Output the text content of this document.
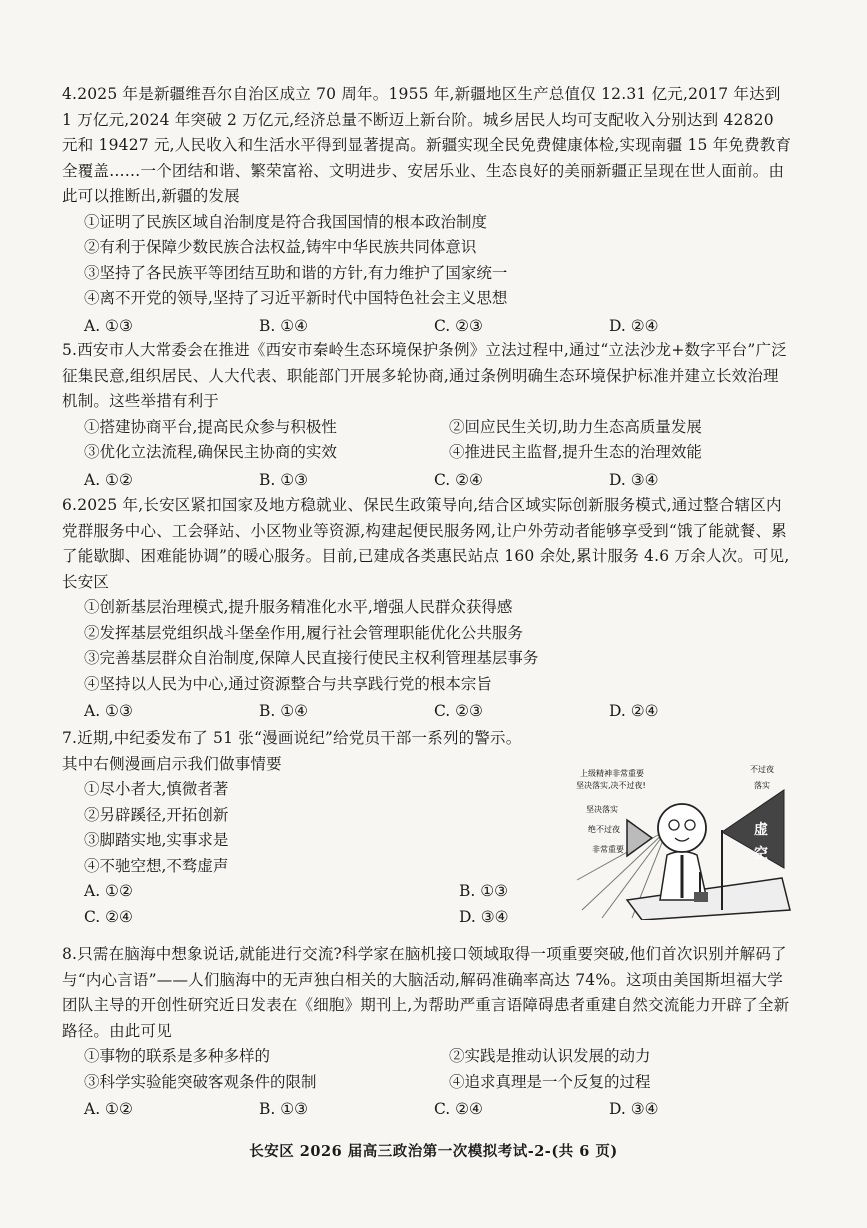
4.2025 年是新疆维吾尔自治区成立 70 周年。1955 年,新疆地区生产总值仅 12.31 亿元,2017 年达到 1 万亿元,2024 年突破 2 万亿元,经济总量不断迈上新台阶。城乡居民人均可支配收入分别达到 42820 元和 19427 元,人民收入和生活水平得到显著提高。新疆实现全民免费健康体检,实现南疆 15 年免费教育全覆盖……一个团结和谐、繁荣富裕、文明进步、安居乐业、生态良好的美丽新疆正呈现在世人面前。由此可以推断出,新疆的发展

①证明了民族区域自治制度是符合我国国情的根本政治制度

②有利于保障少数民族合法权益,铸牢中华民族共同体意识

③坚持了各民族平等团结互助和谐的方针,有力维护了国家统一

④离不开党的领导,坚持了习近平新时代中国特色社会主义思想

A. ①③	B. ①④	C. ②③	D. ②④

5.西安市人大常委会在推进《西安市秦岭生态环境保护条例》立法过程中,通过“立法沙龙+数字平台”广泛征集民意,组织居民、人大代表、职能部门开展多轮协商,通过条例明确生态环境保护标准并建立长效治理机制。这些举措有利于

①搭建协商平台,提高民众参与积极性	②回应民生关切,助力生态高质量发展

③优化立法流程,确保民主协商的实效	④推进民主监督,提升生态的治理效能

A. ①②	B. ①③	C. ②④	D. ③④

6.2025 年,长安区紧扣国家及地方稳就业、保民生政策导向,结合区域实际创新服务模式,通过整合辖区内党群服务中心、工会驿站、小区物业等资源,构建起便民服务网,让户外劳动者能够享受到“饿了能就餐、累了能歇脚、困难能协调”的暖心服务。目前,已建成各类惠民站点 160 余处,累计服务 4.6 万余人次。可见,长安区

①创新基层治理模式,提升服务精准化水平,增强人民群众获得感

②发挥基层党组织战斗堡垒作用,履行社会管理职能优化公共服务

③完善基层群众自治制度,保障人民直接行使民主权利管理基层事务

④坚持以人民为中心,通过资源整合与共享践行党的根本宗旨

A. ①③	B. ①④	C. ②③	D. ②④

7.近期,中纪委发布了 51 张“漫画说纪”给党员干部一系列的警示。

其中右侧漫画启示我们做事情要

①尽小者大,慎微者著

②另辟蹊径,开拓创新

③脚踏实地,实事求是

④不驰空想,不骛虚声

A. ①②	B. ①③
C. ②④	D. ③④
虚
空
上级精神非常重要
坚决落实,决不过夜!
坚决落实
绝不过夜
非常重要
不过夜
落实

8.只需在脑海中想象说话,就能进行交流?科学家在脑机接口领域取得一项重要突破,他们首次识别并解码了与“内心言语”——人们脑海中的无声独白相关的大脑活动,解码准确率高达 74%。这项由美国斯坦福大学团队主导的开创性研究近日发表在《细胞》期刊上,为帮助严重言语障碍患者重建自然交流能力开辟了全新路径。由此可见

①事物的联系是多种多样的	②实践是推动认识发展的动力

③科学实验能突破客观条件的限制	④追求真理是一个反复的过程

A. ①②	B. ①③	C. ②④	D. ③④
长安区 2026 届高三政治第一次模拟考试-2-(共 6 页)
